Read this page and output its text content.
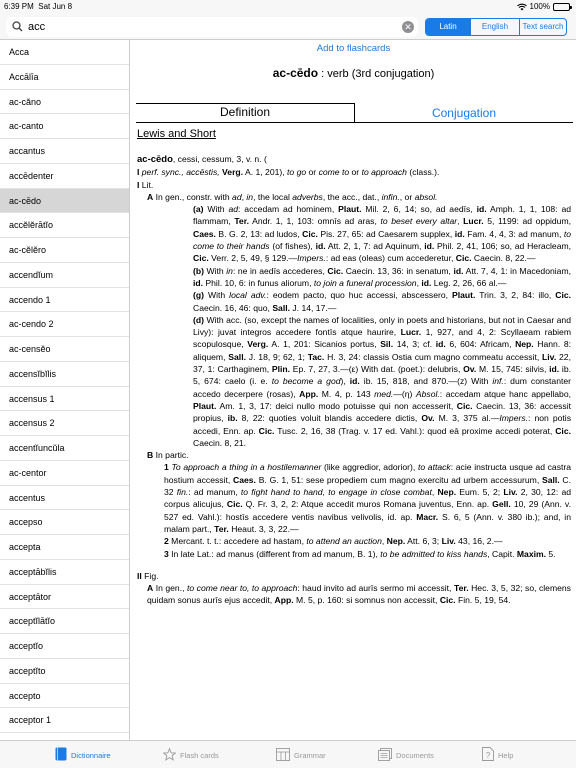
6:39 PM Sat Jun 8	100%
acc
✕	Latin	English	Text search
Acca
Accālīa
ac-căno
ac-canto
accantus
accēdenter
ac-cēdo
accĕlĕrātĭo
ac-cĕlĕro
accendĭum
accendo 1
ac-cendo 2
ac-censĕo
accensĭbĭlis
accensus 1
accensus 2
accentĭuncŭla
ac-centor
accentus
accepso
accepta
acceptābĭlis
acceptātor
acceptĭlātĭo
acceptĭo
acceptĭto
accepto
acceptor 1
Add to flashcards
ac-cēdo : verb (3rd conjugation)
Definition	Conjugation
Lewis and Short

ac-cēdo, cessi, cessum, 3, v. n. (

I perf. sync., accēstis, Verg. A. 1, 201), to go or come to or to approach (class.).

I Lit.

A In gen., constr. with ad, in, the local adverbs, the acc., dat., infin., or absol.

(a) With ad: accedam ad hominem, Plaut. Mil. 2, 6, 14; so, ad aedīs, id. Amph. 1, 1, 108: ad flammam, Ter. Andr. 1, 1, 103: omnīs ad aras, to beset every altar, Lucr. 5, 1199: ad oppidum, Caes. B. G. 2, 13: ad ludos, Cic. Pis. 27, 65: ad Caesarem supplex, id. Fam. 4, 4, 3: ad manum, to come to their hands (of fishes), id. Att. 2, 1, 7: ad Aquinum, id. Phil. 2, 41, 106; so, ad Heracleam, Cic. Verr. 2, 5, 49, § 129.—Impers.: ad eas (oleas) cum accederetur, Cic. Caecin. 8, 22.—

(b) With in: ne in aedīs accederes, Cic. Caecin. 13, 36: in senatum, id. Att. 7, 4, 1: in Macedoniam, id. Phil. 10, 6: in funus aliorum, to join a funeral procession, id. Leg. 2, 26, 66 al.—

(g) With local adv.: eodem pacto, quo huc accessi, abscessero, Plaut. Trin. 3, 2, 84: illo, Cic. Caecin. 16, 46: quo, Sall. J. 14, 17.—

(d) With acc. (so, except the names of localities, only in poets and historians, but not in Caesar and Livy): juvat integros accedere fontīs atque haurire, Lucr. 1, 927, and 4, 2: Scyllaeam rabiem scopulosque, Verg. A. 1, 201: Sicanios portus, Sil. 14, 3; cf. id. 6, 604: Africam, Nep. Hann. 8: aliquem, Sall. J. 18, 9; 62, 1; Tac. H. 3, 24: classis Ostia cum magno commeatu accessit, Liv. 22, 37, 1: Carthaginem, Plin. Ep. 7, 27, 3.—(ε) With dat. (poet.): delubris, Ov. M. 15, 745: silvis, id. ib. 5, 674: caelo (i. e. to become a god), id. ib. 15, 818, and 870.—(ᴢ) With inf.: dum constanter accedo decerpere (rosas), App. M. 4, p. 143 med.—(η) Absol.: accedam atque hanc appellabo, Plaut. Am. 1, 3, 17: deici nullo modo potuisse qui non accesserit, Cic. Caecin. 13, 36: accessit propius, ib. 8, 22: quoties voluit blandis accedere dictis, Ov. M. 3, 375 al.—Impers.: non potis accedi, Enn. ap. Cic. Tusc. 2, 16, 38 (Trag. v. 17 ed. Vahl.): quod eā proxime accedi poterat, Cic. Caecin. 8, 21.

B In partic.

1 To approach a thing in a hostilemanner (like aggredior, adorior), to attack: acie instructa usque ad castra hostium accessit, Caes. B. G. 1, 51: sese propediem cum magno exercitu ad urbem accessurum, Sall. C. 32 fin.: ad manum, to fight hand to hand, to engage in close combat, Nep. Eum. 5, 2; Liv. 2, 30, 12: ad corpus alicujus, Cic. Q. Fr. 3, 2, 2: Atque accedit muros Romana juventus, Enn. ap. Gell. 10, 29 (Ann. v. 527 ed. Vahl.): hostīs accedere ventis navibus velivolis, id. ap. Macr. S. 6, 5 (Ann. v. 380 ib.); and, in malam part., Ter. Heaut. 3, 3, 22.—

2 Mercant. t. t.: accedere ad hastam, to attend an auction, Nep. Att. 6, 3; Liv. 43, 16, 2.—

3 In late Lat.: ad manus (different from ad manum, B. 1), to be admitted to kiss hands, Capit. Maxim. 5.

II Fig.

A In gen., to come near to, to approach: haud invito ad aurīs sermo mi accessit, Ter. Hec. 3, 5, 32; so, clemens quidam sonus aurīs ejus accedit, App. M. 5, p. 160: si somnus non accessit, Cic. Fin. 5, 19, 54.

Dictionnaire	Flash cards	Grammar	Documents	? Help
